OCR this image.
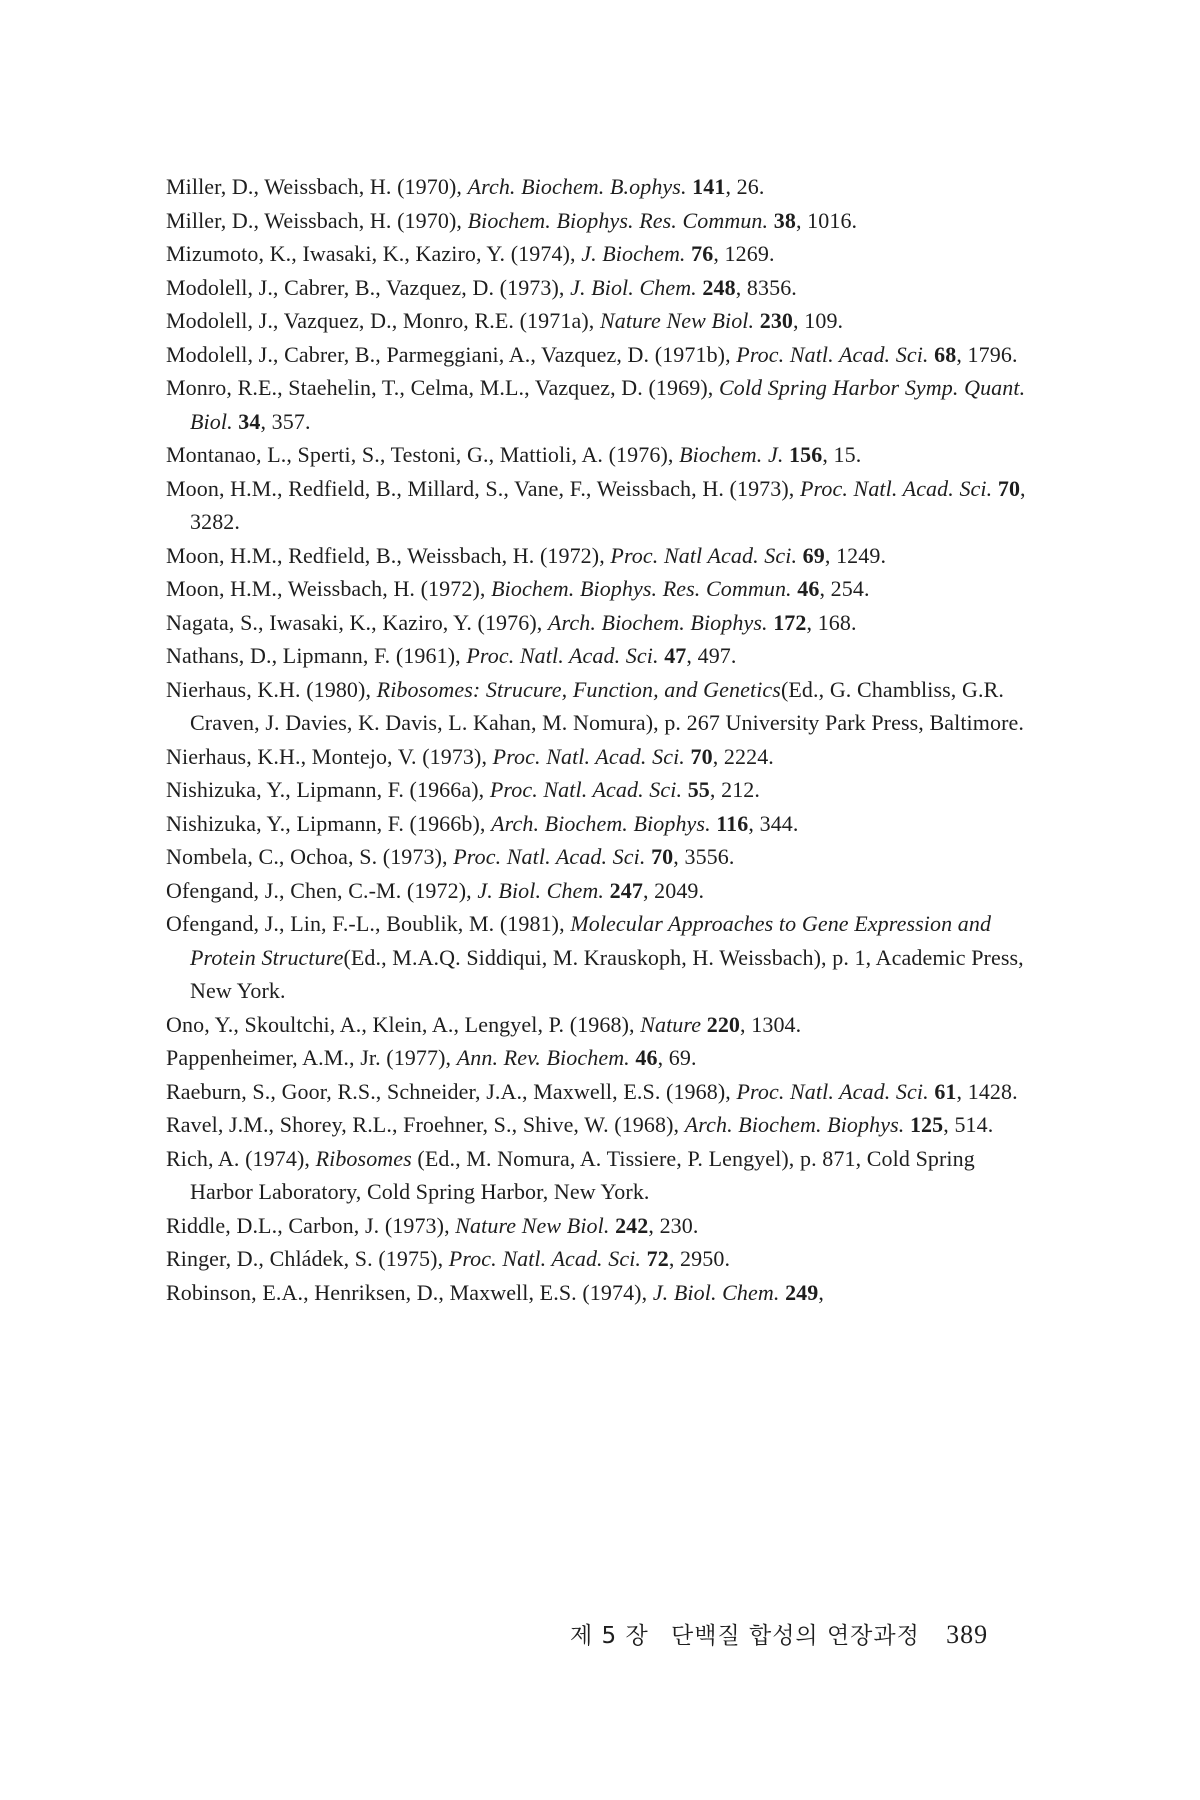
Miller, D., Weissbach, H. (1970), Arch. Biochem. B.ophys. 141, 26.
Miller, D., Weissbach, H. (1970), Biochem. Biophys. Res. Commun. 38, 1016.
Mizumoto, K., Iwasaki, K., Kaziro, Y. (1974), J. Biochem. 76, 1269.
Modolell, J., Cabrer, B., Vazquez, D. (1973), J. Biol. Chem. 248, 8356.
Modolell, J., Vazquez, D., Monro, R.E. (1971a), Nature New Biol. 230, 109.
Modolell, J., Cabrer, B., Parmeggiani, A., Vazquez, D. (1971b), Proc. Natl. Acad. Sci. 68, 1796.
Monro, R.E., Staehelin, T., Celma, M.L., Vazquez, D. (1969), Cold Spring Harbor Symp. Quant. Biol. 34, 357.
Montanao, L., Sperti, S., Testoni, G., Mattioli, A. (1976), Biochem. J. 156, 15.
Moon, H.M., Redfield, B., Millard, S., Vane, F., Weissbach, H. (1973), Proc. Natl. Acad. Sci. 70, 3282.
Moon, H.M., Redfield, B., Weissbach, H. (1972), Proc. Natl Acad. Sci. 69, 1249.
Moon, H.M., Weissbach, H. (1972), Biochem. Biophys. Res. Commun. 46, 254.
Nagata, S., Iwasaki, K., Kaziro, Y. (1976), Arch. Biochem. Biophys. 172, 168.
Nathans, D., Lipmann, F. (1961), Proc. Natl. Acad. Sci. 47, 497.
Nierhaus, K.H. (1980), Ribosomes: Strucure, Function, and Genetics(Ed., G. Chambliss, G.R. Craven, J. Davies, K. Davis, L. Kahan, M. Nomura), p. 267 University Park Press, Baltimore.
Nierhaus, K.H., Montejo, V. (1973), Proc. Natl. Acad. Sci. 70, 2224.
Nishizuka, Y., Lipmann, F. (1966a), Proc. Natl. Acad. Sci. 55, 212.
Nishizuka, Y., Lipmann, F. (1966b), Arch. Biochem. Biophys. 116, 344.
Nombela, C., Ochoa, S. (1973), Proc. Natl. Acad. Sci. 70, 3556.
Ofengand, J., Chen, C.-M. (1972), J. Biol. Chem. 247, 2049.
Ofengand, J., Lin, F.-L., Boublik, M. (1981), Molecular Approaches to Gene Expression and Protein Structure(Ed., M.A.Q. Siddiqui, M. Krauskoph, H. Weissbach), p. 1, Academic Press, New York.
Ono, Y., Skoultchi, A., Klein, A., Lengyel, P. (1968), Nature 220, 1304.
Pappenheimer, A.M., Jr. (1977), Ann. Rev. Biochem. 46, 69.
Raeburn, S., Goor, R.S., Schneider, J.A., Maxwell, E.S. (1968), Proc. Natl. Acad. Sci. 61, 1428.
Ravel, J.M., Shorey, R.L., Froehner, S., Shive, W. (1968), Arch. Biochem. Biophys. 125, 514.
Rich, A. (1974), Ribosomes (Ed., M. Nomura, A. Tissiere, P. Lengyel), p. 871, Cold Spring Harbor Laboratory, Cold Spring Harbor, New York.
Riddle, D.L., Carbon, J. (1973), Nature New Biol. 242, 230.
Ringer, D., Chládek, S. (1975), Proc. Natl. Acad. Sci. 72, 2950.
Robinson, E.A., Henriksen, D., Maxwell, E.S. (1974), J. Biol. Chem. 249,
제 5 장 단백질 합성의 연장과정 389
